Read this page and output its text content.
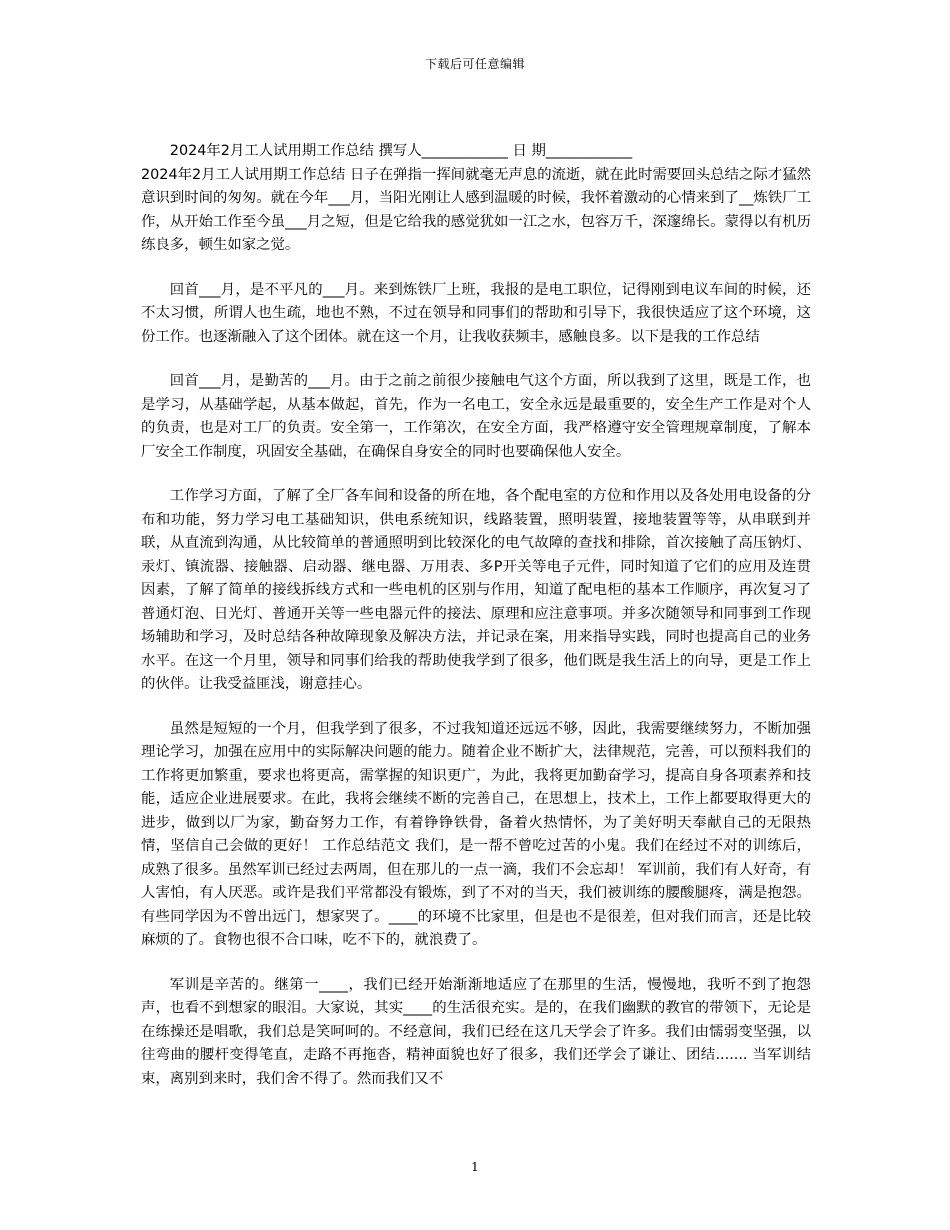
下载后可任意编辑
2024年2月工人试用期工作总结 撰写人____________ 日 期____________

2024年2月工人试用期工作总结 日子在弹指一挥间就毫无声息的流逝，就在此时需要回头总结之际才猛然意识到时间的匆匆。就在今年___月，当阳光刚让人感到温暖的时候，我怀着激动的心情来到了__炼铁厂工作，从开始工作至今虽___月之短，但是它给我的感觉犹如一江之水，包容万千，深邃绵长。蒙得以有机历练良多，顿生如家之觉。

回首___月，是不平凡的___月。来到炼铁厂上班，我报的是电工职位，记得刚到电议车间的时候，还不太习惯，所谓人也生疏，地也不熟，不过在领导和同事们的帮助和引导下，我很快适应了这个环境，这份工作。也逐渐融入了这个团体。就在这一个月，让我收获频丰，感触良多。以下是我的工作总结

回首___月，是勤苦的___月。由于之前之前很少接触电气这个方面，所以我到了这里，既是工作，也是学习，从基础学起，从基本做起，首先，作为一名电工，安全永远是最重要的，安全生产工作是对个人的负责，也是对工厂的负责。安全第一，工作第次，在安全方面，我严格遵守安全管理规章制度，了解本厂安全工作制度，巩固安全基础，在确保自身安全的同时也要确保他人安全。

工作学习方面，了解了全厂各车间和设备的所在地，各个配电室的方位和作用以及各处用电设备的分布和功能，努力学习电工基础知识，供电系统知识，线路装置，照明装置，接地装置等等，从串联到并联，从直流到沟通，从比较简单的普通照明到比较深化的电气故障的查找和排除，首次接触了高压钠灯、汞灯、镇流器、接触器、启动器、继电器、万用表、多P开关等电子元件，同时知道了它们的应用及连贯因素，了解了简单的接线拆线方式和一些电机的区别与作用，知道了配电柜的基本工作顺序，再次复习了普通灯泡、日光灯、普通开关等一些电器元件的接法、原理和应注意事项。并多次随领导和同事到工作现场辅助和学习，及时总结各种故障现象及解决方法，并记录在案，用来指导实践，同时也提高自己的业务水平。在这一个月里，领导和同事们给我的帮助使我学到了很多，他们既是我生活上的向导，更是工作上的伙伴。让我受益匪浅，谢意挂心。

虽然是短短的一个月，但我学到了很多，不过我知道还远远不够，因此，我需要继续努力，不断加强理论学习，加强在应用中的实际解决问题的能力。随着企业不断扩大，法律规范，完善，可以预料我们的工作将更加繁重，要求也将更高，需掌握的知识更广，为此，我将更加勤奋学习，提高自身各项素养和技能，适应企业进展要求。在此，我将会继续不断的完善自己，在思想上，技术上，工作上都要取得更大的进步，做到以厂为家，勤奋努力工作，有着铮铮铁骨，备着火热情怀，为了美好明天奉献自己的无限热情，坚信自己会做的更好！ 工作总结范文 我们，是一帮不曾吃过苦的小鬼。我们在经过不对的训练后，成熟了很多。虽然军训已经过去两周，但在那儿的一点一滴，我们不会忘却！ 军训前，我们有人好奇，有人害怕，有人厌恶。或许是我们平常都没有锻炼，到了不对的当天，我们被训练的腰酸腿疼，满是抱怨。有些同学因为不曾出远门，想家哭了。____的环境不比家里，但是也不是很差，但对我们而言，还是比较麻烦的了。食物也很不合口味，吃不下的，就浪费了。

军训是辛苦的。继第一____，我们已经开始渐渐地适应了在那里的生活，慢慢地，我听不到了抱怨声，也看不到想家的眼泪。大家说，其实____的生活很充实。是的，在我们幽默的教官的带领下，无论是在练操还是唱歌，我们总是笑呵呵的。不经意间，我们已经在这几天学会了许多。我们由懦弱变坚强，以往弯曲的腰杆变得笔直，走路不再拖沓，精神面貌也好了很多，我们还学会了谦让、团结....... 当军训结束，离别到来时，我们舍不得了。然而我们又不

1
